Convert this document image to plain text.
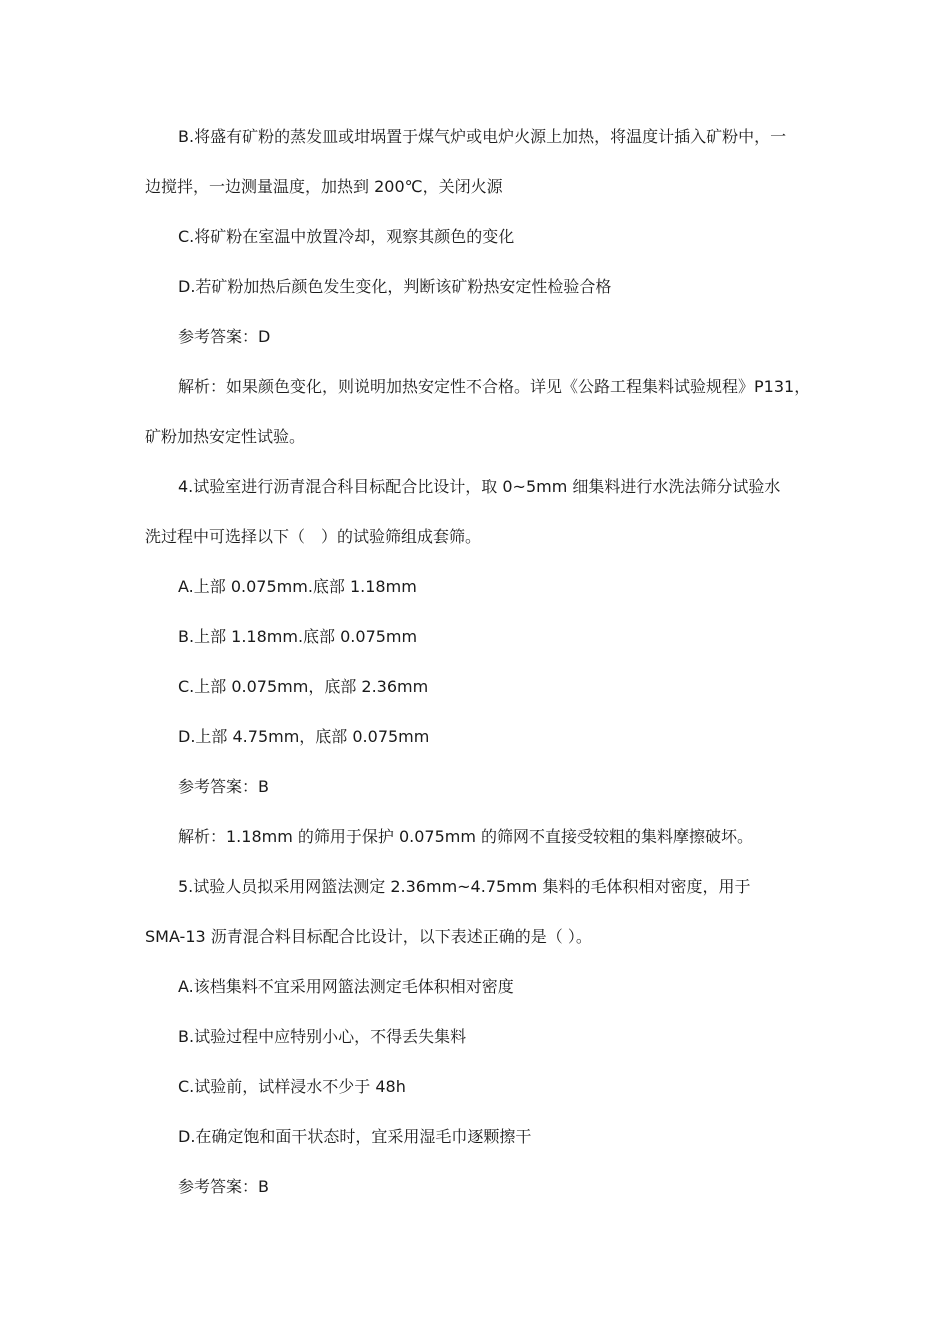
B.将盛有矿粉的蒸发皿或坩埚置于煤气炉或电炉火源上加热，将温度计插入矿粉中，一
边搅拌，一边测量温度，加热到 200℃，关闭火源
C.将矿粉在室温中放置冷却，观察其颜色的变化
D.若矿粉加热后颜色发生变化，判断该矿粉热安定性检验合格
参考答案：D
解析：如果颜色变化，则说明加热安定性不合格。详见《公路工程集料试验规程》P131，
矿粉加热安定性试验。
4.试验室进行沥青混合科目标配合比设计，取 0~5mm 细集料进行水洗法筛分试验水
洗过程中可选择以下（　）的试验筛组成套筛。
A.上部 0.075mm.底部 1.18mm
B.上部 1.18mm.底部 0.075mm
C.上部 0.075mm，底部 2.36mm
D.上部 4.75mm，底部 0.075mm
参考答案：B
解析：1.18mm 的筛用于保护 0.075mm 的筛网不直接受较粗的集料摩擦破坏。
5.试验人员拟采用网篮法测定 2.36mm~4.75mm 集料的毛体积相对密度，用于
SMA-13 沥青混合料目标配合比设计，以下表述正确的是（ ）。
A.该档集料不宜采用网篮法测定毛体积相对密度
B.试验过程中应特别小心，不得丢失集料
C.试验前，试样浸水不少于 48h
D.在确定饱和面干状态时，宜采用湿毛巾逐颗擦干
参考答案：B
